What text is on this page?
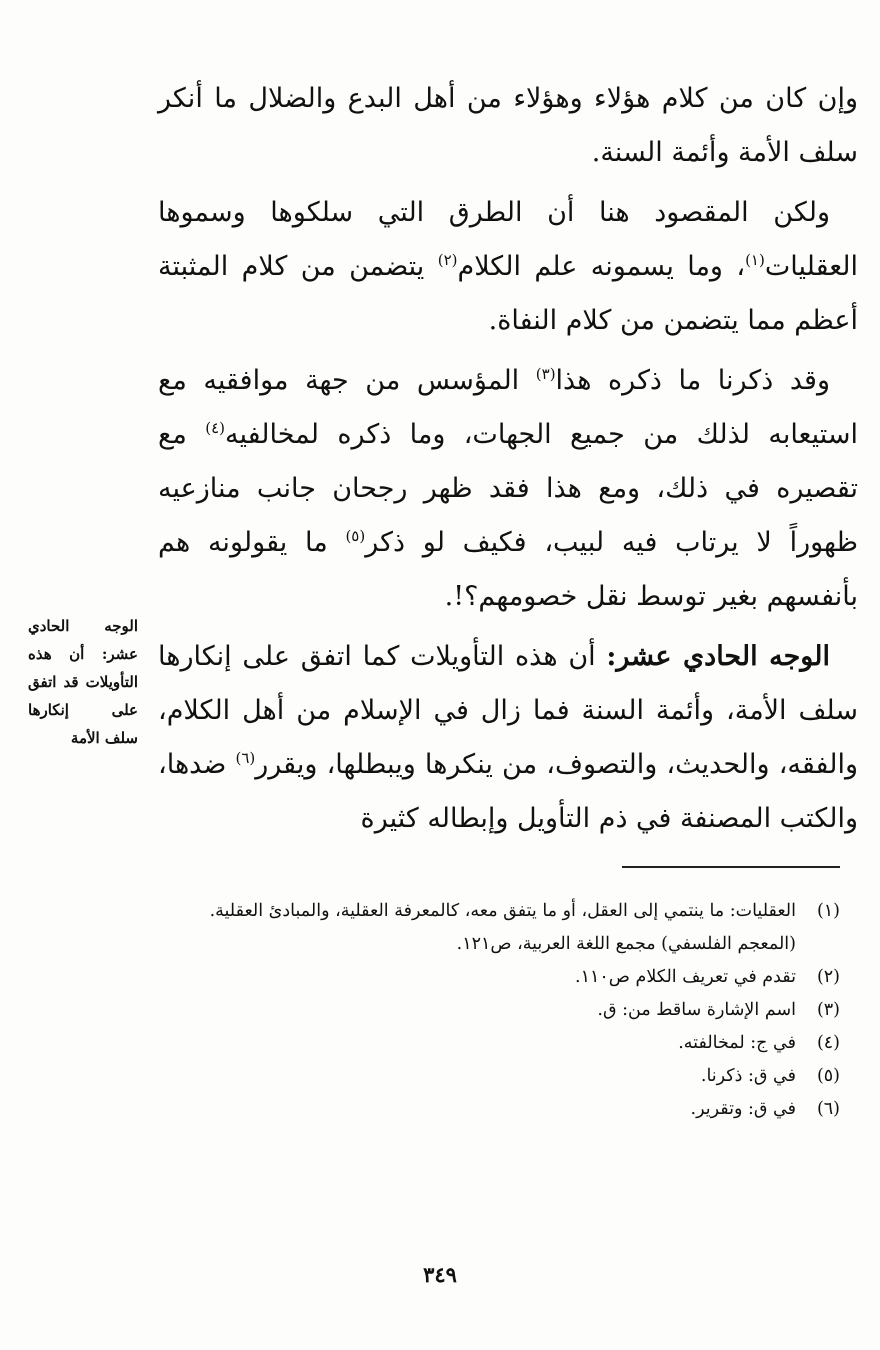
وإن كان من كلام هؤلاء وهؤلاء من أهل البدع والضلال ما أنكر سلف الأمة وأئمة السنة.

ولكن المقصود هنا أن الطرق التي سلكوها وسموها العقليات$^{(١)}$، وما يسمونه علم الكلام$^{(٢)}$ يتضمن من كلام المثبتة أعظم مما يتضمن من كلام النفاة.

وقد ذكرنا ما ذكره هذا$^{(٣)}$ المؤسس من جهة موافقيه مع استيعابه لذلك من جميع الجهات، وما ذكره لمخالفيه$^{(٤)}$ مع تقصيره في ذلك، ومع هذا فقد ظهر رجحان جانب منازعيه ظهوراً لا يرتاب فيه لبيب، فكيف لو ذكر$^{(٥)}$ ما يقولونه هم بأنفسهم بغير توسط نقل خصومهم؟!.

الوجه الحادي عشر: أن هذه التأويلات كما اتفق على إنكارها سلف الأمة، وأئمة السنة فما زال في الإسلام من أهل الكلام، والفقه، والحديث، والتصوف، من ينكرها ويبطلها، ويقرر$^{(٦)}$ ضدها، والكتب المصنفة في ذم التأويل وإبطاله كثيرة

الوجه الحادي عشر: أن هذه التأويلات قد اتفق على إنكارها سلف الأمة
(١)
العقليات: ما ينتمي إلى العقل، أو ما يتفق معه، كالمعرفة العقلية، والمبادئ العقلية.
(المعجم الفلسفي) مجمع اللغة العربية، ص١٢١.
(٢)
تقدم في تعريف الكلام ص١١٠.
(٣)
اسم الإشارة ساقط من: ق.
(٤)
في ج: لمخالفته.
(٥)
في ق: ذكرنا.
(٦)
في ق: وتقرير.
٣٤٩
